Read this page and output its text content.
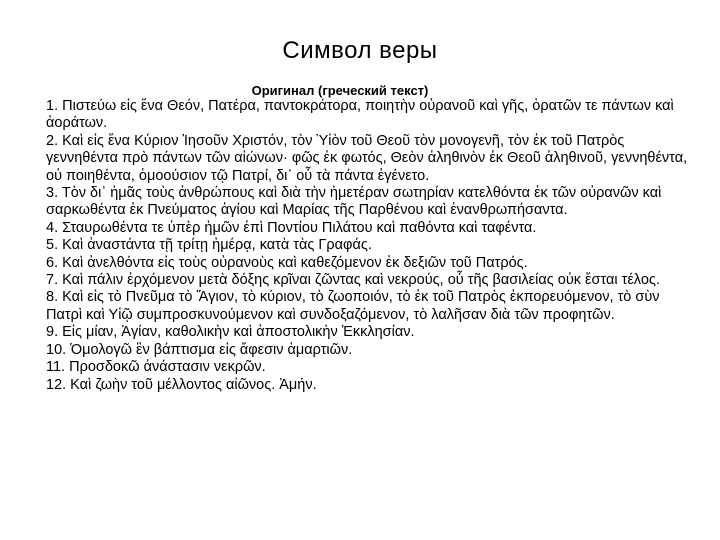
Символ веры
Оригинал (греческий текст)
1. Πιστεύω εἰς ἕνα Θεόν, Πατέρα, παντοκράτορα, ποιητὴν οὐρανοῦ καὶ γῆς, ὁρατῶν τε πάντων καὶ ἀοράτων.
2. Καὶ εἰς ἕνα Κύριον Ἰησοῦν Χριστόν, τὸν Ὑἱὸν τοῦ Θεοῦ τὸν μονογενῆ, τὸν ἐκ τοῦ Πατρὸς γεννηθέντα πρὸ πάντων τῶν αἰώνων· φῶς ἐκ φωτός, Θεὸν ἀληθινὸν ἐκ Θεοῦ ἀληθινοῦ, γεννηθέντα, οὐ ποιηθέντα, ὁμοούσιον τῷ Πατρί, δι᾽ οὗ τὰ πάντα ἐγένετο.
3. Τὸν δι᾽ ἡμᾶς τοὺς ἀνθρώπους καὶ διὰ τὴν ἡμετέραν σωτηρίαν κατελθόντα ἐκ τῶν οὐρανῶν καὶ σαρκωθέντα ἐκ Πνεύματος ἁγίου καὶ Μαρίας τῆς Παρθένου καὶ ἐνανθρωπήσαντα.
4. Σταυρωθέντα τε ὑπὲρ ἡμῶν ἐπὶ Ποντίου Πιλάτου καὶ παθόντα καὶ ταφέντα.
5. Καὶ ἀναστάντα τῇ τρίτῃ ἡμέρᾳ, κατὰ τὰς Γραφάς.
6. Καὶ ἀνελθόντα εἰς τοὺς οὐρανοὺς καὶ καθεζόμενον ἐκ δεξιῶν τοῦ Πατρός.
7. Καὶ πάλιν ἐρχόμενον μετὰ δόξης κρῖναι ζῶντας καὶ νεκρούς, οὗ τῆς βασιλείας οὐκ ἔσται τέλος.
8. Καὶ εἰς τὸ Πνεῦμα τὸ Ἅγιον, τὸ κύριον, τὸ ζωοποιόν, τὸ ἐκ τοῦ Πατρὸς ἐκπορευόμενον, τὸ σὺν Πατρὶ καὶ Υἱῷ συμπροσκυνούμενον καὶ συνδοξαζόμενον, τὸ λαλῆσαν διὰ τῶν προφητῶν.
9. Εἰς μίαν, Ἁγίαν, καθολικὴν καὶ ἀποστολικὴν Ἐκκλησίαν.
10. Ὁμολογῶ ἓν βάπτισμα εἰς ἄφεσιν ἁμαρτιῶν.
11. Προσδοκῶ ἀνάστασιν νεκρῶν.
12. Καὶ ζωὴν τοῦ μέλλοντος αἰῶνος. Ἀμήν.
